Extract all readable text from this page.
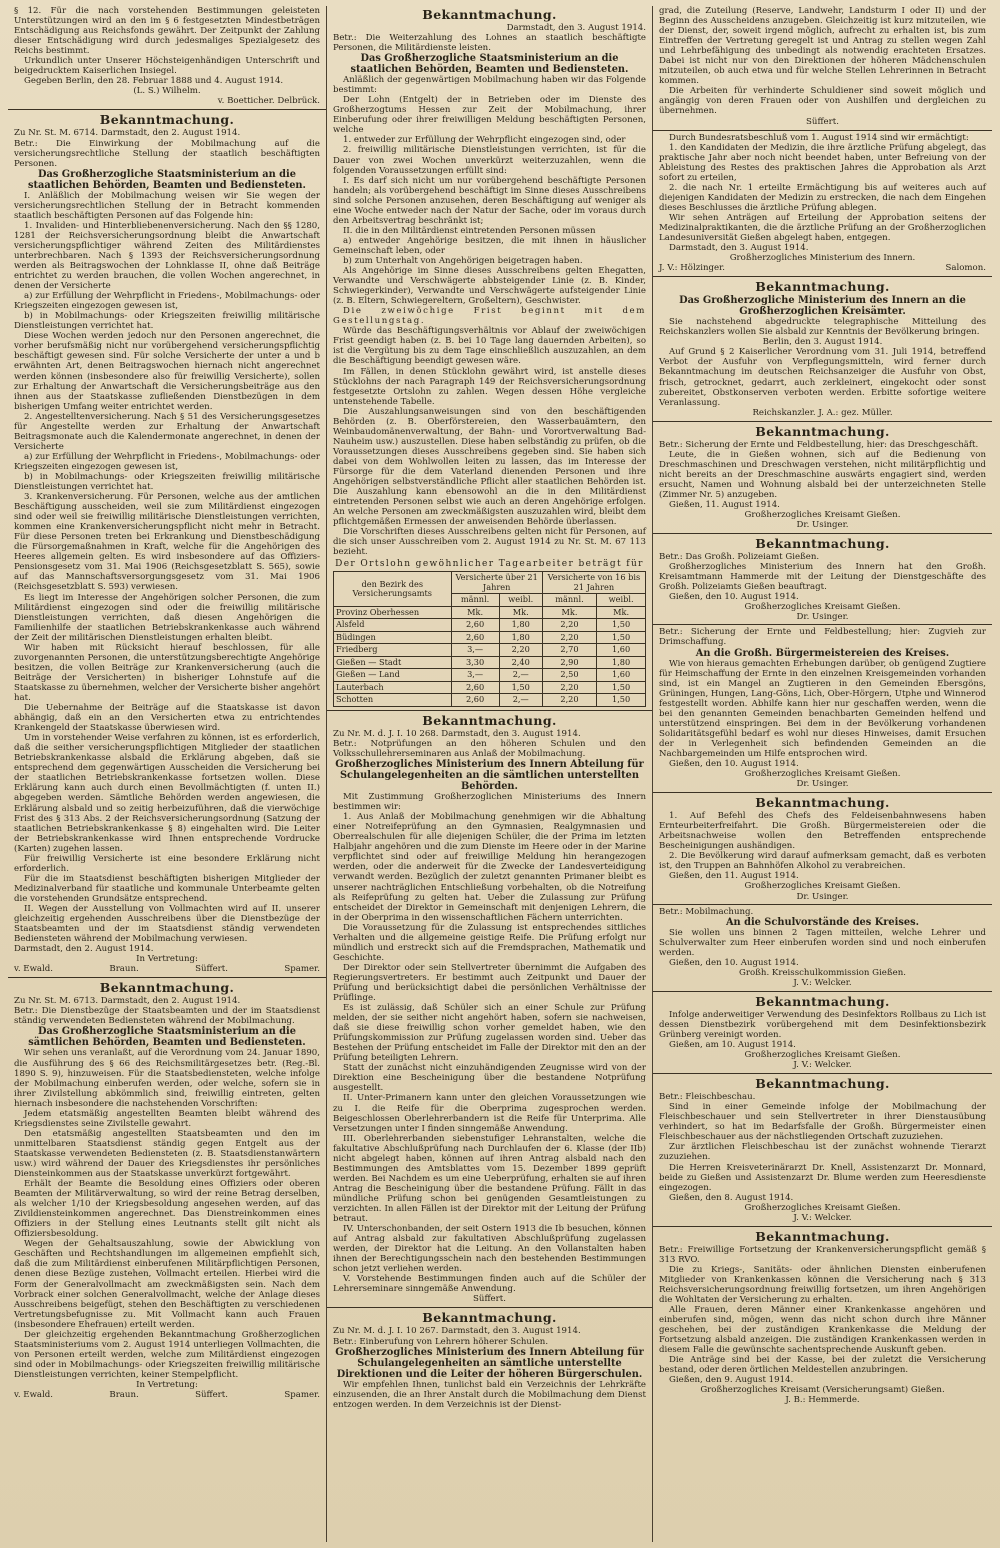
§ 12. Für die nach vorstehenden Bestimmungen geleisteten Unterstützungen wird an den im § 6 festgesetzten Mindestbeträgen Entschädigung aus Reichsfonds gewährt. Der Zeitpunkt der Zahlung dieser Entschädigung wird durch jedesmaliges Spezialgesetz des Reichs bestimmt.

Urkundlich unter Unserer Höchsteigenhändigen Unterschrift und beigedrucktem Kaiserlichen Insiegel.

Gegeben Berlin, den 28. Februar 1888 und 4. August 1914.

(L. S.) Wilhelm.

v. Boetticher. Delbrück.

Bekanntmachung.

Zu Nr. St. M. 6714. Darmstadt, den 2. August 1914.

Betr.: Die Einwirkung der Mobilmachung auf die versicherungsrechtliche Stellung der staatlich beschäftigten Personen.

Das Großherzogliche Staatsministerium an die staatlichen Behörden, Beamten und Bediensteten.

I. Anläßlich der Mobilmachung weisen wir Sie wegen der versicherungsrechtlichen Stellung der in Betracht kommenden staatlich beschäftigten Personen auf das Folgende hin:

1. Invaliden- und Hinterbliebenenversicherung. Nach den §§ 1280, 1281 der Reichsversicherungsordnung bleibt die Anwartschaft versicherungspflichtiger während Zeiten des Militärdienstes unterbrechbaren. Nach § 1393 der Reichsversicherungsordnung werden als Beitragswochen der Lohnklasse II, ohne daß Beiträge entrichtet zu werden brauchen, die vollen Wochen angerechnet, in denen der Versicherte

a) zur Erfüllung der Wehrpflicht in Friedens-, Mobilmachungs- oder Kriegszeiten eingezogen gewesen ist,

b) in Mobilmachungs- oder Kriegszeiten freiwillig militärische Dienstleistungen verrichtet hat.

Diese Wochen werden jedoch nur den Personen angerechnet, die vorher berufsmäßig nicht nur vorübergehend versicherungspflichtig beschäftigt gewesen sind. Für solche Versicherte der unter a und b erwähnten Art, denen Beitragswochen hiernach nicht angerechnet werden können (insbesondere also für freiwillig Versicherte), sollen zur Erhaltung der Anwartschaft die Versicherungsbeiträge aus den ihnen aus der Staatskasse zufließenden Dienstbezügen in dem bisherigen Umfang weiter entrichtet werden.

2. Angestelltenversicherung. Nach § 51 des Versicherungsgesetzes für Angestellte werden zur Erhaltung der Anwartschaft Beitragsmonate auch die Kalendermonate angerechnet, in denen der Versicherte

a) zur Erfüllung der Wehrpflicht in Friedens-, Mobilmachungs- oder Kriegszeiten eingezogen gewesen ist,

b) in Mobilmachungs- oder Kriegszeiten freiwillig militärische Dienstleistungen verrichtet hat.

3. Krankenversicherung. Für Personen, welche aus der amtlichen Beschäftigung ausscheiden, weil sie zum Militärdienst eingezogen sind oder weil sie freiwillig militärische Dienstleistungen verrichten, kommen eine Krankenversicherungspflicht nicht mehr in Betracht. Für diese Personen treten bei Erkrankung und Dienstbeschädigung die Fürsorgemaßnahmen in Kraft, welche für die Angehörigen des Heeres allgemein gelten. Es wird insbesondere auf das Offiziers-Pensionsgesetz vom 31. Mai 1906 (Reichsgesetzblatt S. 565), sowie auf das Mannschaftsversorgungsgesetz vom 31. Mai 1906 (Reichsgesetzblatt S. 593) verwiesen.

Es liegt im Interesse der Angehörigen solcher Personen, die zum Militärdienst eingezogen sind oder die freiwillig militärische Dienstleistungen verrichten, daß diesen Angehörigen die Familienhilfe der staatlichen Betriebskrankenkasse auch während der Zeit der militärischen Dienstleistungen erhalten bleibt.

Wir haben mit Rücksicht hierauf beschlossen, für alle zuvorgenannten Personen, die unterstützungsberechtigte Angehörige besitzen, die vollen Beiträge zur Krankenversicherung (auch die Beiträge der Versicherten) in bisheriger Lohnstufe auf die Staatskasse zu übernehmen, welcher der Versicherte bisher angehört hat.

Die Uebernahme der Beiträge auf die Staatskasse ist davon abhängig, daß ein an den Versicherten etwa zu entrichtendes Krankengeld der Staatskasse überwiesen wird.

Um in vorstehender Weise verfahren zu können, ist es erforderlich, daß die seither versicherungspflichtigen Mitglieder der staatlichen Betriebskrankenkasse alsbald die Erklärung abgeben, daß sie entsprechend dem gegenwärtigen Ausscheiden die Versicherung bei der staatlichen Betriebskrankenkasse fortsetzen wollen. Diese Erklärung kann auch durch einen Bevollmächtigten (f. unten II.) abgegeben werden. Sämtliche Behörden werden angewiesen, die Erklärung alsbald und so zeitig herbeizuführen, daß die vierwöchige Frist des § 313 Abs. 2 der Reichsversicherungsordnung (Satzung der staatlichen Betriebskrankenkasse § 8) eingehalten wird. Die Leiter der Betriebskrankenkasse wird Ihnen entsprechende Vordrucke (Karten) zugehen lassen.

Für freiwillig Versicherte ist eine besondere Erklärung nicht erforderlich.

Für die im Staatsdienst beschäftigten bisherigen Mitglieder der Medizinalverband für staatliche und kommunale Unterbeamte gelten die vorstehenden Grundsätze entsprechend.

II. Wegen der Ausstellung von Vollmachten wird auf II. unserer gleichzeitig ergehenden Ausschreibens über die Dienstbezüge der Staatsbeamten und der im Staatsdienst ständig verwendeten Bediensteten während der Mobilmachung verwiesen.

Darmstadt, den 2. August 1914.

In Vertretung:

v. Ewald.	Braun.	Süffert.	Spamer.
Bekanntmachung.

Zu Nr. St. M. 6713. Darmstadt, den 2. August 1914.

Betr.: Die Dienstbezüge der Staatsbeamten und der im Staatsdienst ständig verwendeten Bediensteten während der Mobilmachung.

Das Großherzogliche Staatsministerium an die sämtlichen Behörden, Beamten und Bediensteten.

Wir sehen uns veranlaßt, auf die Verordnung vom 24. Januar 1890, die Ausführung des § 66 des Reichsmilitärgesetzes betr. (Reg.-Bl. 1890 S. 9), hinzuweisen. Für die Staatsbediensteten, welche infolge der Mobilmachung einberufen werden, oder welche, sofern sie in ihrer Zivilstellung abkömmlich sind, freiwillig eintreten, gelten hiernach insbesondere die nachstehenden Vorschriften:

Jedem etatsmäßig angestellten Beamten bleibt während des Kriegsdienstes seine Zivilstelle gewahrt.

Den etatsmäßig angestellten Staatsbeamten und den im unmittelbaren Staatsdienst ständig gegen Entgelt aus der Staatskasse verwendeten Bediensteten (z. B. Staatsdienstanwärtern usw.) wird während der Dauer des Kriegsdienstes ihr persönliches Diensteinkommen aus der Staatskasse unverkürzt fortgewährt.

Erhält der Beamte die Besoldung eines Offiziers oder oberen Beamten der Militärverwaltung, so wird der reine Betrag derselben, als welcher 1/10 der Kriegsbesoldung angesehen werden, auf das Zivildiensteinkommen angerechnet. Das Dienstreinkommen eines Offiziers in der Stellung eines Leutnants stellt gilt nicht als Offiziersbesoldung.

Wegen der Gehaltsauszahlung, sowie der Abwicklung von Geschäften und Rechtshandlungen im allgemeinen empfiehlt sich, daß die zum Militärdienst einberufenen Militärpflichtigen Personen, denen diese Bezüge zustehen, Vollmacht erteilen. Hierbei wird die Form der Generalvollmacht am zweckmäßigsten sein. Nach dem Vorbrack einer solchen Generalvollmacht, welche der Anlage dieses Ausschreibens beigefügt, stehen den Beschäftigten zu verschiedenen Vertretungsbefugnisse zu. Mit Vollmacht kann auch Frauen (insbesondere Ehefrauen) erteilt werden.

Der gleichzeitig ergehenden Bekanntmachung Großherzoglichen Staatsministeriums vom 2. August 1914 unterliegen Vollmachten, die von Personen erteilt werden, welche zum Militärdienst eingezogen sind oder in Mobilmachungs- oder Kriegszeiten freiwillig militärische Dienstleistungen verrichten, keiner Stempelpflicht.

In Vertretung:

v. Ewald.	Braun.	Süffert.	Spamer.
Bekanntmachung.

Darmstadt, den 3. August 1914.

Betr.: Die Weiterzahlung des Lohnes an staatlich beschäftigte Personen, die Militärdienste leisten.

Das Großherzogliche Staatsministerium an die staatlichen Behörden, Beamten und Bediensteten.

Anläßlich der gegenwärtigen Mobilmachung haben wir das Folgende bestimmt:

Der Lohn (Entgelt) der in Betrieben oder im Dienste des Großherzogtums Hessen zur Zeit der Mobilmachung, ihrer Einberufung oder ihrer freiwilligen Meldung beschäftigten Personen, welche

1. entweder zur Erfüllung der Wehrpflicht eingezogen sind, oder

2. freiwillig militärische Dienstleistungen verrichten, ist für die Dauer von zwei Wochen unverkürzt weiterzuzahlen, wenn die folgenden Voraussetzungen erfüllt sind:

I. Es darf sich nicht um nur vorübergehend beschäftigte Personen handeln; als vorübergehend beschäftigt im Sinne dieses Ausschreibens sind solche Personen anzusehen, deren Beschäftigung auf weniger als eine Woche entweder nach der Natur der Sache, oder im voraus durch den Arbeitsvertrag beschränkt ist;

II. die in den Militärdienst eintretenden Personen müssen

a) entweder Angehörige besitzen, die mit ihnen in häuslicher Gemeinschaft leben, oder

b) zum Unterhalt von Angehörigen beigetragen haben.

Als Angehörige im Sinne dieses Ausschreibens gelten Ehegatten, Verwandte und Verschwägerte abbsteigender Linie (z. B. Kinder, Schwiegerkinder), Verwandte und Verschwägerte aufsteigender Linie (z. B. Eltern, Schwiegereltern, Großeltern), Geschwister.

Die zweiwöchige Frist beginnt mit dem Gestellungstag.

Würde das Beschäftigungsverhältnis vor Ablauf der zweiwöchigen Frist geendigt haben (z. B. bei 10 Tage lang dauernden Arbeiten), so ist die Vergütung bis zu dem Tage einschließlich auszuzahlen, an dem die Beschäftigung beendigt gewesen wäre.

Im Fällen, in denen Stücklohn gewährt wird, ist anstelle dieses Stücklohns der nach Paragraph 149 der Reichsversicherungsordnung festgesetzte Ortslohn zu zahlen. Wegen dessen Höhe vergleiche untenstehende Tabelle.

Die Auszahlungsanweisungen sind von den beschäftigenden Behörden (z. B. Oberförstereien, den Wasserbauämtern, den Weinbaudomänenverwaltung, der Bahn- und Vorortverwaltung Bad-Nauheim usw.) auszustellen. Diese haben selbständig zu prüfen, ob die Voraussetzungen dieses Ausschreibens gegeben sind. Sie haben sich dabei von dem Wohlwollen leiten zu lassen, das im Interesse der Fürsorge für die dem Vaterland dienenden Personen und ihre Angehörigen selbstverständliche Pflicht aller staatlichen Behörden ist. Die Auszahlung kann ebensowohl an die in den Militärdienst eintretenden Personen selbst wie auch an deren Angehörige erfolgen. An welche Personen am zweckmäßigsten auszuzahlen wird, bleibt dem pflichtgemäßen Ermessen der anweisenden Behörde überlassen.

Die Vorschriften dieses Ausschreibens gelten nicht für Personen, auf die sich unser Ausschreiben vom 2. August 1914 zu Nr. St. M. 67 113 bezieht.

Der Ortslohn gewöhnlicher Tagearbeiter beträgt für
den Bezirk des Versicherungsamts	Versicherte über 21 Jahren		Versicherte von 16 bis 21 Jahren	
	männl.	weibl.	männl.	weibl.
Provinz Oberhessen	Mk.	Mk.	Mk.	Mk.
Alsfeld	2,60	1,80	2,20	1,50
Büdingen	2,60	1,80	2,20	1,50
Friedberg	3,—	2,20	2,70	1,60
Gießen — Stadt	3,30	2,40	2,90	1,80
Gießen — Land	3,—	2,—	2,50	1,60
Lauterbach	2,60	1,50	2,20	1,50
Schotten	2,60	2,—	2,20	1,50
Bekanntmachung.

Zu Nr. M. d. J. I. 10 268. Darmstadt, den 3. August 1914.

Betr.: Notprüfungen an den höheren Schulen und den Volksschullehrerseminaren aus Anlaß der Mobilmachung.

Großherzogliches Ministerium des Innern Abteilung für Schulangelegenheiten an die sämtlichen unterstellten Behörden.

Mit Zustimmung Großherzoglichen Ministeriums des Innern bestimmen wir:

1. Aus Anlaß der Mobilmachung genehmigen wir die Abhaltung einer Notreifeprüfung an den Gymnasien, Realgymnasien und Oberrealschulen für alle diejenigen Schüler, die der Prima im letzten Halbjahr angehören und die zum Dienste im Heere oder in der Marine verpflichtet sind oder auf freiwillige Meldung hin herangezogen werden, oder die anderweit für die Zwecke der Landesverteidigung verwandt werden. Bezüglich der zuletzt genannten Primaner bleibt es unserer nachträglichen Entschließung vorbehalten, ob die Notreifung als Reifeprüfung zu gelten hat. Ueber die Zulassung zur Prüfung entscheidet der Direktor in Gemeinschaft mit denjenigen Lehrern, die in der Oberprima in den wissenschaftlichen Fächern unterrichten.

Die Voraussetzung für die Zulassung ist entsprechendes sittliches Verhalten und die allgemeine geistige Reife. Die Prüfung erfolgt nur mündlich und erstreckt sich auf die Fremdsprachen, Mathematik und Geschichte.

Der Direktor oder sein Stellvertreter übernimmt die Aufgaben des Regierungsvertreters. Er bestimmt auch Zeitpunkt und Dauer der Prüfung und berücksichtigt dabei die persönlichen Verhältnisse der Prüflinge.

Es ist zulässig, daß Schüler sich an einer Schule zur Prüfung melden, der sie seither nicht angehört haben, sofern sie nachweisen, daß sie diese freiwillig schon vorher gemeldet haben, wie den Prüfungskommission zur Prüfung zugelassen worden sind. Ueber das Bestehen der Prüfung entscheidet im Falle der Direktor mit den an der Prüfung beteiligten Lehrern.

Statt der zunächst nicht einzuhändigenden Zeugnisse wird von der Direktion eine Bescheinigung über die bestandene Notprüfung ausgestellt.

II. Unter-Primanern kann unter den gleichen Voraussetzungen wie zu I. die Reife für die Oberprima zugesprochen werden. Beigeschlossen Oberlehrerbandern ist die Reife für Unterprima. Alle Versetzungen unter I finden sinngemäße Anwendung.

III. Oberlehrerbanden siebenstufiger Lehranstalten, welche die fakultative Abschlußprüfung nach Durchlaufen der 6. Klasse (der IIb) nicht abgelegt haben, können auf ihren Antrag alsbald nach den Bestimmungen des Amtsblattes vom 15. Dezember 1899 geprüft werden. Bei Nachdem es um eine Ueberprüfung, erhalten sie auf ihren Antrag die Bescheinigung über die bestandene Prüfung. Fällt in das mündliche Prüfung schon bei genügenden Gesamtleistungen zu verzichten. In allen Fällen ist der Direktor mit der Leitung der Prüfung betraut.

IV. Unterschonbanden, der seit Ostern 1913 die Ib besuchen, können auf Antrag alsbald zur fakultativen Abschlußprüfung zugelassen werden, der Direktor hat die Leitung. An den Vollanstalten haben ihnen der Berechtigungsschein nach den bestehenden Bestimmungen schon jetzt verliehen werden.

V. Vorstehende Bestimmungen finden auch auf die Schüler der Lehrerseminare sinngemäße Anwendung.

Süffert.

Bekanntmachung.

Zu Nr. M. d. J. I. 10 267. Darmstadt, den 3. August 1914.

Betr.: Einberufung von Lehrern höherer Schulen.

Großherzogliches Ministerium des Innern Abteilung für Schulangelegenheiten an sämtliche unterstellte Direktionen und die Leiter der höheren Bürgerschulen.

Wir empfehlen Ihnen, tunlichst bald ein Verzeichnis der Lehrkräfte einzusenden, die an Ihrer Anstalt durch die Mobilmachung dem Dienst entzogen werden. In dem Verzeichnis ist der Dienst-

grad, die Zuteilung (Reserve, Landwehr, Landsturm I oder II) und der Beginn des Ausscheidens anzugeben. Gleichzeitig ist kurz mitzuteilen, wie der Dienst, der, soweit irgend möglich, aufrecht zu erhalten ist, bis zum Eintreffen der Vertretung geregelt ist und Antrag zu stellen wegen Zahl und Lehrbefähigung des unbedingt als notwendig erachteten Ersatzes. Dabei ist nicht nur von den Direktionen der höheren Mädchenschulen mitzuteilen, ob auch etwa und für welche Stellen Lehrerinnen in Betracht kommen.

Die Arbeiten für verhinderte Schuldiener sind soweit möglich und angängig von deren Frauen oder von Aushilfen und dergleichen zu übernehmen.

Süffert.

Durch Bundesratsbeschluß vom 1. August 1914 sind wir ermächtigt:

1. den Kandidaten der Medizin, die ihre ärztliche Prüfung abgelegt, das praktische Jahr aber noch nicht beendet haben, unter Befreiung von der Ableistung des Restes des praktischen Jahres die Approbation als Arzt sofort zu erteilen,

2. die nach Nr. 1 erteilte Ermächtigung bis auf weiteres auch auf diejenigen Kandidaten der Medizin zu erstrecken, die nach dem Eingehen dieses Beschlusses die ärztliche Prüfung ablegen.

Wir sehen Anträgen auf Erteilung der Approbation seitens der Medizinalpraktikanten, die die ärztliche Prüfung an der Großherzoglichen Landesuniversität Gießen abgelegt haben, entgegen.

Darmstadt, den 3. August 1914.

Großherzogliches Ministerium des Innern.

J. V.: Hölzinger.	Salomon.
Bekanntmachung.
Das Großherzogliche Ministerium des Innern an die Großherzoglichen Kreisämter.

Sie nachstehend abgedruckte telegraphische Mitteilung des Reichskanzlers wollen Sie alsbald zur Kenntnis der Bevölkerung bringen.

Berlin, den 3. August 1914.

Auf Grund § 2 Kaiserlicher Verordnung vom 31. Juli 1914, betreffend Verbot der Ausfuhr von Verpflegungsmitteln, wird ferner durch Bekanntmachung im deutschen Reichsanzeiger die Ausfuhr von Obst, frisch, getrocknet, gedarrt, auch zerkleinert, eingekocht oder sonst zubereitet, Obstkonserven verboten werden. Erbitte sofortige weitere Veranlassung.

Reichskanzler. J. A.: gez. Müller.

Bekanntmachung.

Betr.: Sicherung der Ernte und Feldbestellung, hier: das Dreschgeschäft.

Leute, die in Gießen wohnen, sich auf die Bedienung von Dreschmaschinen und Dreschwagen verstehen, nicht militärpflichtig und nicht bereits an der Dreschmaschine auswärts engagiert sind, werden ersucht, Namen und Wohnung alsbald bei der unterzeichneten Stelle (Zimmer Nr. 5) anzugeben.

Gießen, 11. August 1914.

Großherzogliches Kreisamt Gießen.

Dr. Usinger.

Bekanntmachung.

Betr.: Das Großh. Polizeiamt Gießen.

Großherzogliches Ministerium des Innern hat den Großh. Kreisamtmann Hammerde mit der Leitung der Dienstgeschäfte des Großh. Polizeiamts Gießen beauftragt.

Gießen, den 10. August 1914.

Großherzogliches Kreisamt Gießen.

Dr. Usinger.

Betr.: Sicherung der Ernte und Feldbestellung; hier: Zugvieh zur Drimschaffung.

An die Großh. Bürgermeistereien des Kreises.

Wie von hieraus gemachten Erhebungen darüber, ob genügend Zugtiere für Heimschaffung der Ernte in den einzelnen Kreisgemeinden vorhanden sind, ist ein Mangel an Zugtieren in den Gemeinden Ebersgöns, Grüningen, Hungen, Lang-Göns, Lich, Ober-Hörgern, Utphe und Winnerod festgestellt worden. Abhilfe kann hier nur geschaffen werden, wenn die bei den genannten Gemeinden benachbarten Gemeinden helfend und unterstützend einspringen. Bei dem in der Bevölkerung vorhandenen Solidaritätsgefühl bedarf es wohl nur dieses Hinweises, damit Ersuchen der in Verlegenheit sich befindenden Gemeinden an die Nachbargemeinden um Hilfe entsprochen wird.

Gießen, den 10. August 1914.

Großherzogliches Kreisamt Gießen.

Dr. Usinger.

Bekanntmachung.

1. Auf Befehl des Chefs des Feldeisenbahnwesens haben Ernteurbeiterfreifahrt. Die Großh. Bürgermeistereien oder die Arbeitsnachweise wollen den Betreffenden entsprechende Bescheinigungen aushändigen.

2. Die Bevölkerung wird darauf aufmerksam gemacht, daß es verboten ist, den Truppen an Bahnhöfen Alkohol zu verabreichen.

Gießen, den 11. August 1914.

Großherzogliches Kreisamt Gießen.

Dr. Usinger.

Betr.: Mobilmachung.

An die Schulvorstände des Kreises.

Sie wollen uns binnen 2 Tagen mitteilen, welche Lehrer und Schulverwalter zum Heer einberufen worden sind und noch einberufen werden.

Gießen, den 10. August 1914.

Großh. Kreisschulkommission Gießen.

J. V.: Welcker.

Bekanntmachung.

Infolge anderweitiger Verwendung des Desinfektors Rollbaus zu Lich ist dessen Dienstbezirk vorübergehend mit dem Desinfektionsbezirk Grünberg vereinigt worden.

Gießen, am 10. August 1914.

Großherzogliches Kreisamt Gießen.

J. V.: Welcker.

Bekanntmachung.

Betr.: Fleischbeschau.

Sind in einer Gemeinde infolge der Mobilmachung der Fleischbeschauer und sein Stellvertreter in ihrer Dienstausübung verhindert, so hat im Bedarfsfalle der Großh. Bürgermeister einen Fleischbeschauer aus der nächstliegenden Ortschaft zuzuziehen.

Zur ärztlichen Fleischbeschau ist der zunächst wohnende Tierarzt zuzuziehen.

Die Herren Kreisveterinärarzt Dr. Knell, Assistenzarzt Dr. Monnard, beide zu Gießen und Assistenzarzt Dr. Blume werden zum Heeresdienste eingezogen.

Gießen, den 8. August 1914.

Großherzogliches Kreisamt Gießen.

J. V.: Welcker.

Bekanntmachung.

Betr.: Freiwillige Fortsetzung der Krankenversicherungspflicht gemäß § 313 RVO.

Die zu Kriegs-, Sanitäts- oder ähnlichen Diensten einberufenen Mitglieder von Krankenkassen können die Versicherung nach § 313 Reichsversicherungsordnung freiwillig fortsetzen, um ihren Angehörigen die Wohltaten der Versicherung zu erhalten.

Alle Frauen, deren Männer einer Krankenkasse angehören und einberufen sind, mögen, wenn das nicht schon durch ihre Männer geschehen, bei der zuständigen Krankenkasse die Meldung der Fortsetzung alsbald anzeigen. Die zuständigen Krankenkassen werden in diesem Falle die gewünschte sachentsprechende Auskunft geben.

Die Anträge sind bei der Kasse, bei der zuletzt die Versicherung bestand, oder deren örtlichen Meldestellen anzubringen.

Gießen, den 9. August 1914.

Großherzogliches Kreisamt (Versicherungsamt) Gießen.

J. B.: Hemmerde.
